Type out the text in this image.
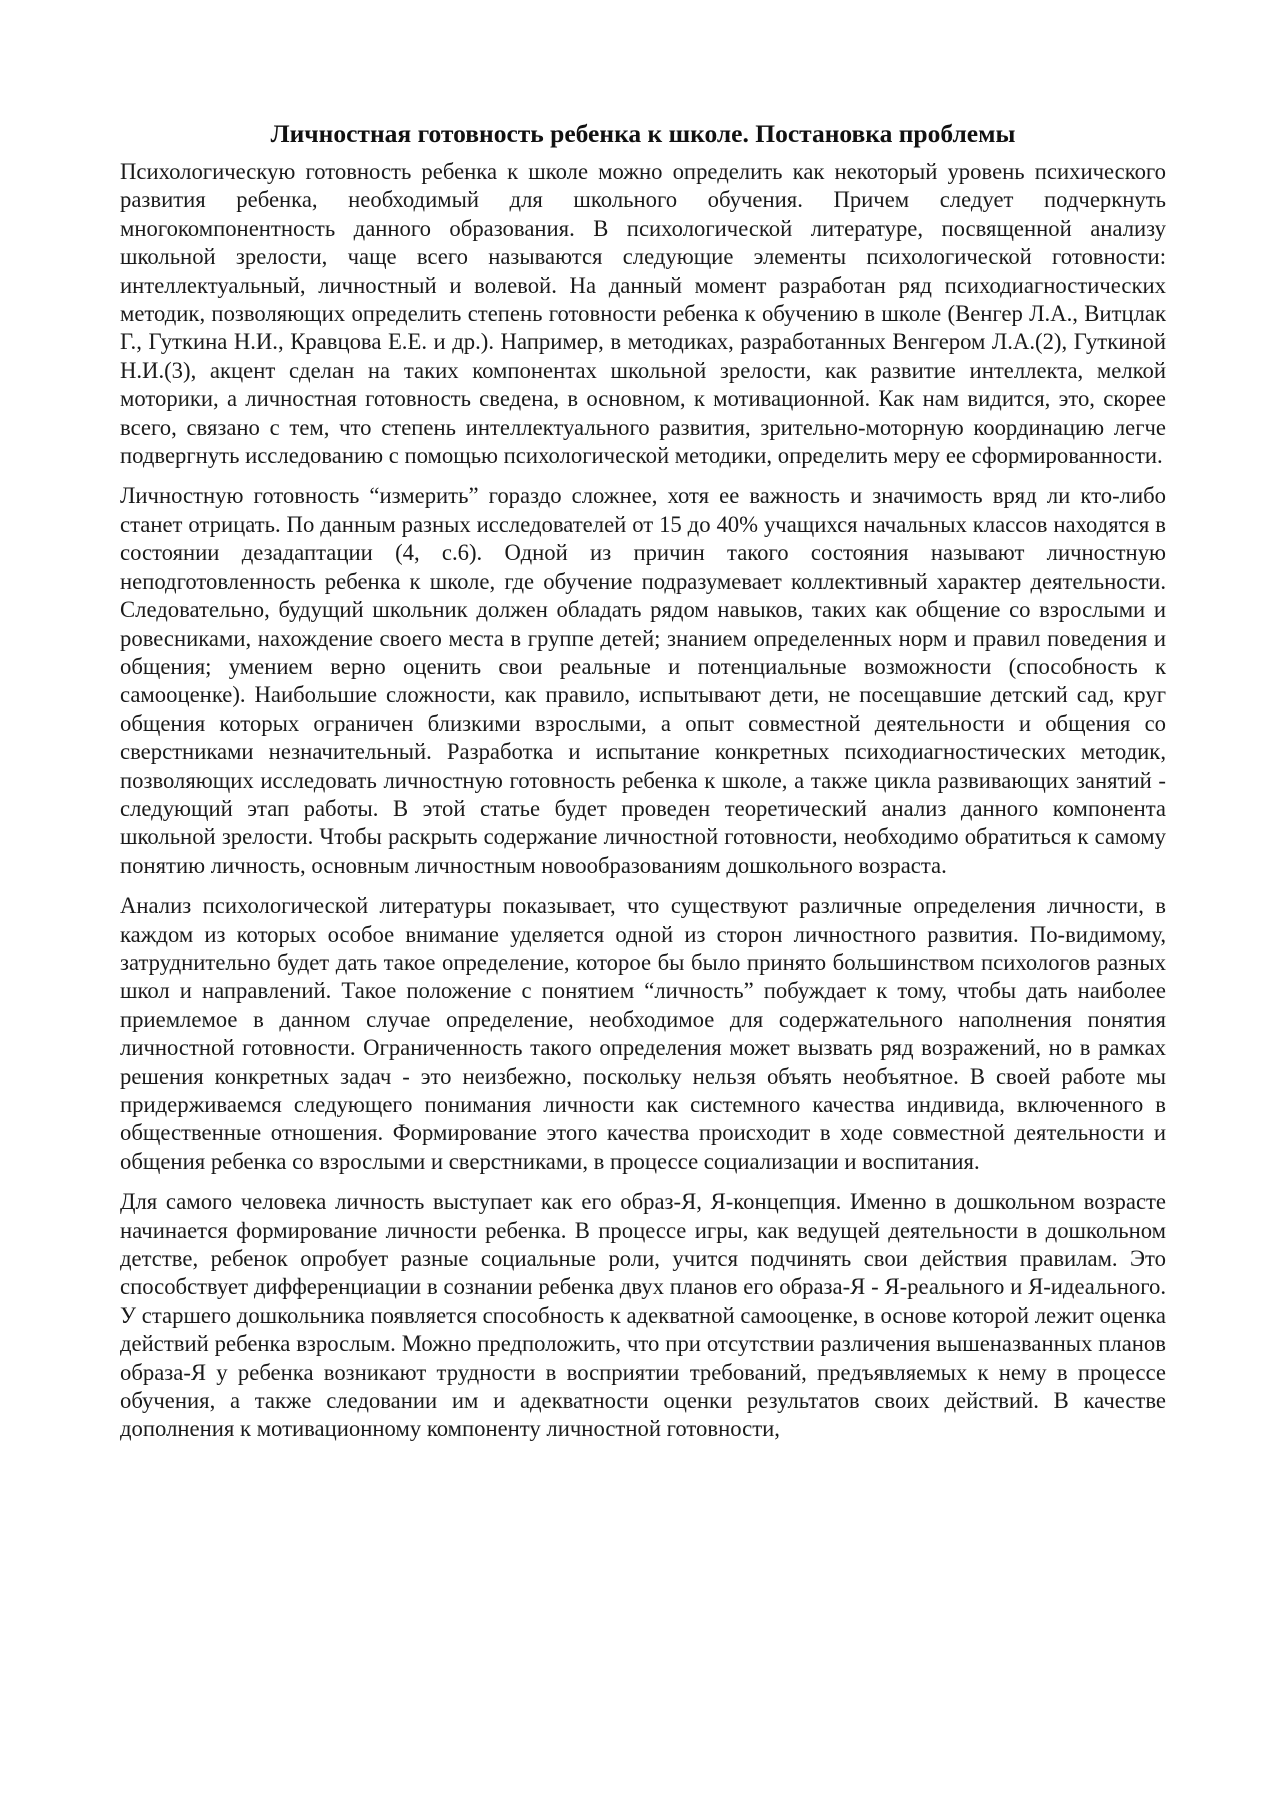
Личностная готовность ребенка к школе. Постановка проблемы

Психологическую готовность ребенка к школе можно определить как некоторый уровень психического развития ребенка, необходимый для школьного обучения. Причем следует подчеркнуть многокомпонентность данного образования. В психологической литературе, посвященной анализу школьной зрелости, чаще всего называются следующие элементы психологической готовности: интеллектуальный, личностный и волевой. На данный момент разработан ряд психодиагностических методик, позволяющих определить степень готовности ребенка к обучению в школе (Венгер Л.А., Витцлак Г., Гуткина Н.И., Кравцова Е.Е. и др.). Например, в методиках, разработанных Венгером Л.А.(2), Гуткиной Н.И.(3), акцент сделан на таких компонентах школьной зрелости, как развитие интеллекта, мелкой моторики, а личностная готовность сведена, в основном, к мотивационной. Как нам видится, это, скорее всего, связано с тем, что степень интеллектуального развития, зрительно-моторную координацию легче подвергнуть исследованию с помощью психологической методики, определить меру ее сформированности.

Личностную готовность “измерить” гораздо сложнее, хотя ее важность и значимость вряд ли кто-либо станет отрицать. По данным разных исследователей от 15 до 40% учащихся начальных классов находятся в состоянии дезадаптации (4, с.6). Одной из причин такого состояния называют личностную неподготовленность ребенка к школе, где обучение подразумевает коллективный характер деятельности. Следовательно, будущий школьник должен обладать рядом навыков, таких как общение со взрослыми и ровесниками, нахождение своего места в группе детей; знанием определенных норм и правил поведения и общения; умением верно оценить свои реальные и потенциальные возможности (способность к самооценке). Наибольшие сложности, как правило, испытывают дети, не посещавшие детский сад, круг общения которых ограничен близкими взрослыми, а опыт совместной деятельности и общения со сверстниками незначительный. Разработка и испытание конкретных психодиагностических методик, позволяющих исследовать личностную готовность ребенка к школе, а также цикла развивающих занятий - следующий этап работы. В этой статье будет проведен теоретический анализ данного компонента школьной зрелости. Чтобы раскрыть содержание личностной готовности, необходимо обратиться к самому понятию личность, основным личностным новообразованиям дошкольного возраста.

Анализ психологической литературы показывает, что существуют различные определения личности, в каждом из которых особое внимание уделяется одной из сторон личностного развития. По-видимому, затруднительно будет дать такое определение, которое бы было принято большинством психологов разных школ и направлений. Такое положение с понятием “личность” побуждает к тому, чтобы дать наиболее приемлемое в данном случае определение, необходимое для содержательного наполнения понятия личностной готовности. Ограниченность такого определения может вызвать ряд возражений, но в рамках решения конкретных задач - это неизбежно, поскольку нельзя объять необъятное. В своей работе мы придерживаемся следующего понимания личности как системного качества индивида, включенного в общественные отношения. Формирование этого качества происходит в ходе совместной деятельности и общения ребенка со взрослыми и сверстниками, в процессе социализации и воспитания.

Для самого человека личность выступает как его образ-Я, Я-концепция. Именно в дошкольном возрасте начинается формирование личности ребенка. В процессе игры, как ведущей деятельности в дошкольном детстве, ребенок опробует разные социальные роли, учится подчинять свои действия правилам. Это способствует дифференциации в сознании ребенка двух планов его образа-Я - Я-реального и Я-идеального. У старшего дошкольника появляется способность к адекватной самооценке, в основе которой лежит оценка действий ребенка взрослым. Можно предположить, что при отсутствии различения вышеназванных планов образа-Я у ребенка возникают трудности в восприятии требований, предъявляемых к нему в процессе обучения, а также следовании им и адекватности оценки результатов своих действий. В качестве дополнения к мотивационному компоненту личностной готовности,
